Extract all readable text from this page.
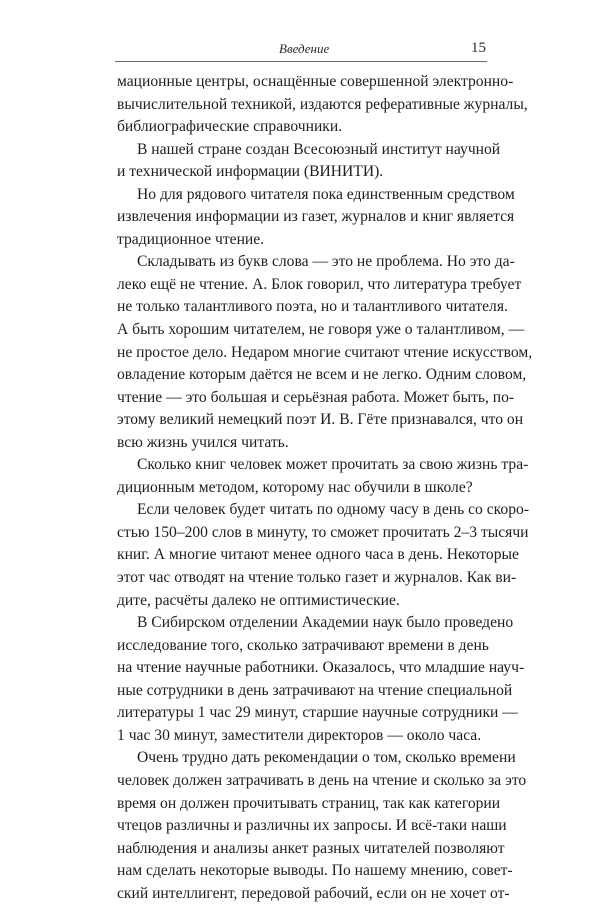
Введение	15

мационные центры, оснащённые совершенной электронно-
вычислительной техникой, издаются реферативные журналы,
библиографические справочники.

В нашей стране создан Всесоюзный институт научной
и технической информации (ВИНИТИ).

Но для рядового читателя пока единственным средством
извлечения информации из газет, журналов и книг является
традиционное чтение.

Складывать из букв слова — это не проблема. Но это да-
леко ещё не чтение. А. Блок говорил, что литература требует
не только талантливого поэта, но и талантливого читателя.
А быть хорошим читателем, не говоря уже о талантливом, —
не простое дело. Недаром многие считают чтение искусством,
овладение которым даётся не всем и не легко. Одним словом,
чтение — это большая и серьёзная работа. Может быть, по-
этому великий немецкий поэт И. В. Гёте признавался, что он
всю жизнь учился читать.

Сколько книг человек может прочитать за свою жизнь тра-
диционным методом, которому нас обучили в школе?

Если человек будет читать по одному часу в день со скоро-
стью 150–200 слов в минуту, то сможет прочитать 2–3 тысячи
книг. А многие читают менее одного часа в день. Некоторые
этот час отводят на чтение только газет и журналов. Как ви-
дите, расчёты далеко не оптимистические.

В Сибирском отделении Академии наук было проведено
исследование того, сколько затрачивают времени в день
на чтение научные работники. Оказалось, что младшие науч-
ные сотрудники в день затрачивают на чтение специальной
литературы 1 час 29 минут, старшие научные сотрудники —
1 час 30 минут, заместители директоров — около часа.

Очень трудно дать рекомендации о том, сколько времени
человек должен затрачивать в день на чтение и сколько за это
время он должен прочитывать страниц, так как категории
чтецов различны и различны их запросы. И всё-таки наши
наблюдения и анализы анкет разных читателей позволяют
нам сделать некоторые выводы. По нашему мнению, совет-
ский интеллигент, передовой рабочий, если он не хочет от-
